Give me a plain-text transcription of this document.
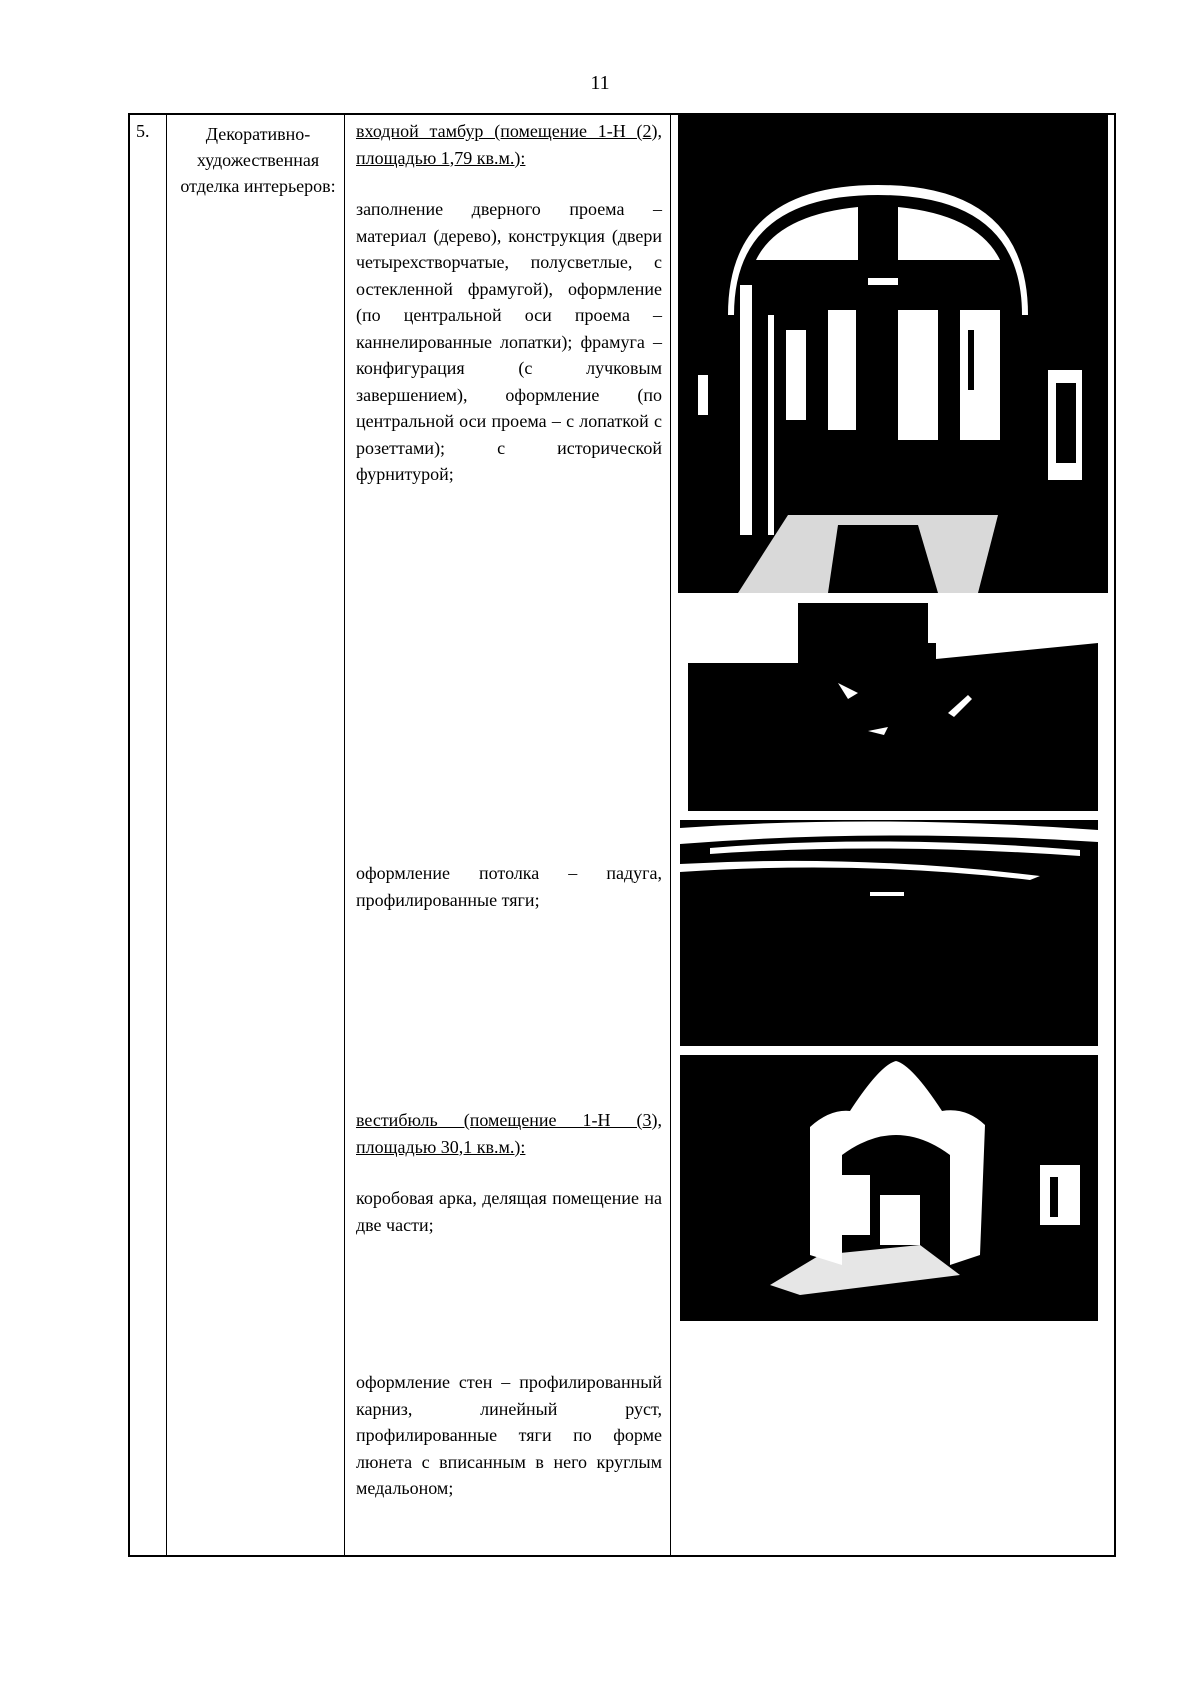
11
5.	Декоративно-художественная отделка интерьеров:
входной тамбур (помещение 1-Н (2), площадью 1,79 кв.м.):
заполнение дверного проема – материал (дерево), конструкция (двери четырехстворчатые, полусветлые, с остекленной фрамугой), оформление (по центральной оси проема – каннелированные лопатки); фрамуга – конфигурация (с лучковым завершением), оформление (по центральной оси проема – с лопаткой с розеттами); с исторической фурнитурой;
оформление потолка – падуга, профилированные тяги;
вестибюль (помещение 1-Н (3), площадью 30,1 кв.м.):
коробовая арка, делящая помещение на две части;
оформление стен – профилированный карниз, линейный руст, профилированные тяги по форме люнета с вписанным в него круглым медальоном;
